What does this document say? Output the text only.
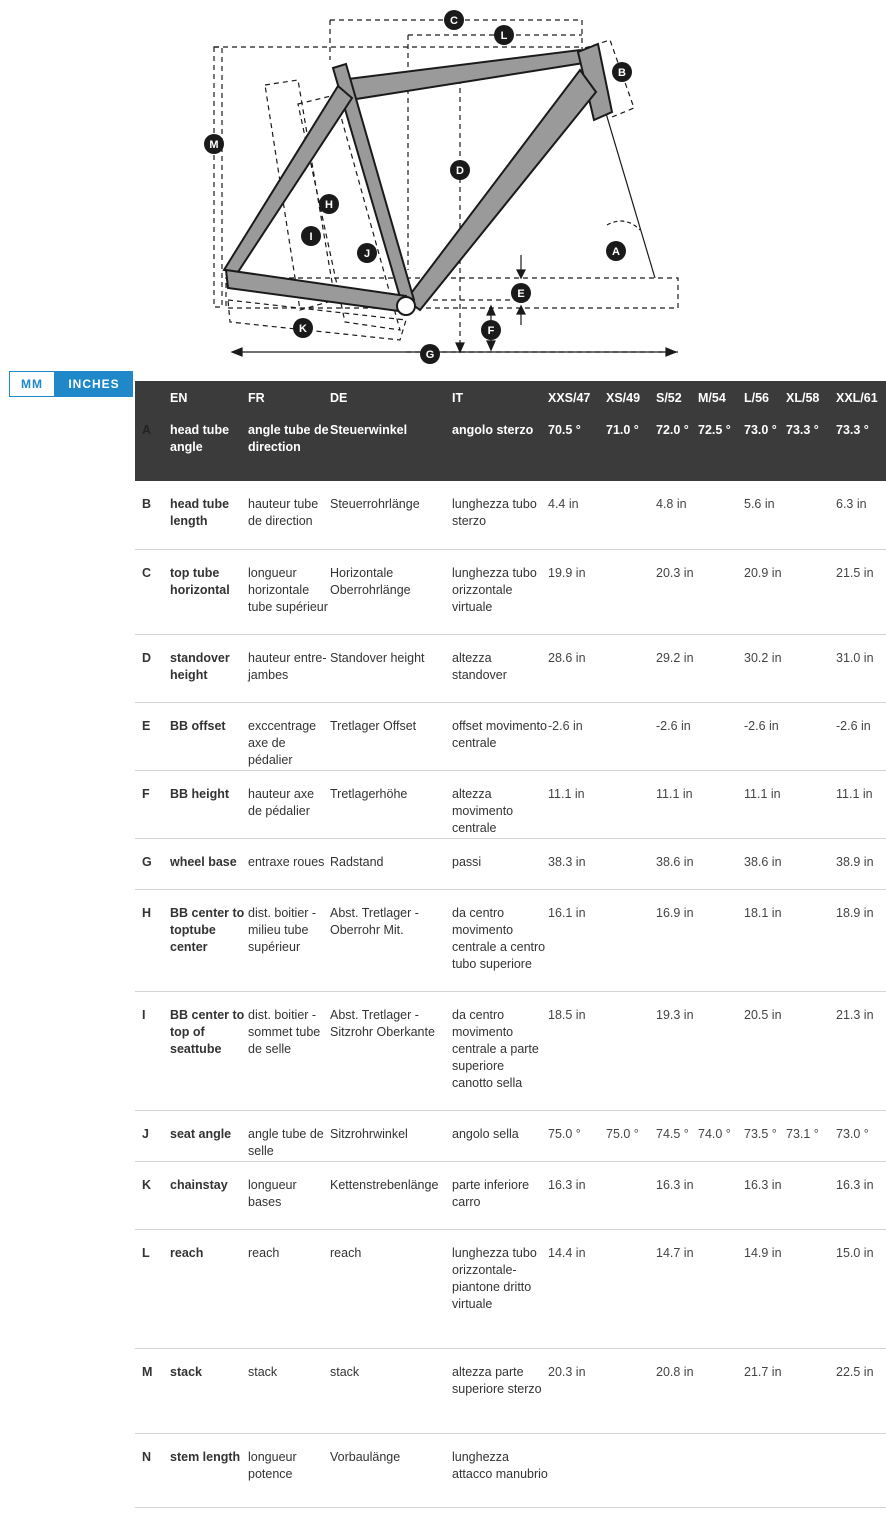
C
L
B
M
D
H
I
J	A
E
K	F
G
MM	INCHES
	EN	FR	DE	IT	XXS/47	XS/49	S/52	M/54	L/56	XL/58	XXL/61
A	head tube angle	angle tube de direction	Steuerwinkel	angolo sterzo	70.5 °	71.0 °	72.0 °	72.5 °	73.0 °	73.3 °	73.3 °
B	head tube length	hauteur tube de direction	Steuerrohrlänge	lunghezza tubo sterzo	4.4 in		4.8 in		5.6 in		6.3 in
C	top tube horizontal	longueur horizontale tube supérieur	Horizontale Oberrohrlänge	lunghezza tubo orizzontale virtuale	19.9 in		20.3 in		20.9 in		21.5 in
D	standover height	hauteur entre-jambes	Standover height	altezza standover	28.6 in		29.2 in		30.2 in		31.0 in
E	BB offset	exccentrage axe de pédalier	Tretlager Offset	offset movimento centrale	-2.6 in		-2.6 in		-2.6 in		-2.6 in
F	BB height	hauteur axe de pédalier	Tretlagerhöhe	altezza movimento centrale	11.1 in		11.1 in		11.1 in		11.1 in
G	wheel base	entraxe roues	Radstand	passi	38.3 in		38.6 in		38.6 in		38.9 in
H	BB center to toptube center	dist. boitier - milieu tube supérieur	Abst. Tretlager - Oberrohr Mit.	da centro movimento centrale a centro tubo superiore	16.1 in		16.9 in		18.1 in		18.9 in
I	BB center to top of seattube	dist. boitier - sommet tube de selle	Abst. Tretlager - Sitzrohr Oberkante	da centro movimento centrale a parte superiore canotto sella	18.5 in		19.3 in		20.5 in		21.3 in
J	seat angle	angle tube de selle	Sitzrohrwinkel	angolo sella	75.0 °	75.0 °	74.5 °	74.0 °	73.5 °	73.1 °	73.0 °
K	chainstay	longueur bases	Kettenstrebenlänge	parte inferiore carro	16.3 in		16.3 in		16.3 in		16.3 in
L	reach	reach	reach	lunghezza tubo orizzontale-piantone dritto virtuale	14.4 in		14.7 in		14.9 in		15.0 in
M	stack	stack	stack	altezza parte superiore sterzo	20.3 in		20.8 in		21.7 in		22.5 in
N	stem length	longueur potence	Vorbaulänge	lunghezza attacco manubrio							
